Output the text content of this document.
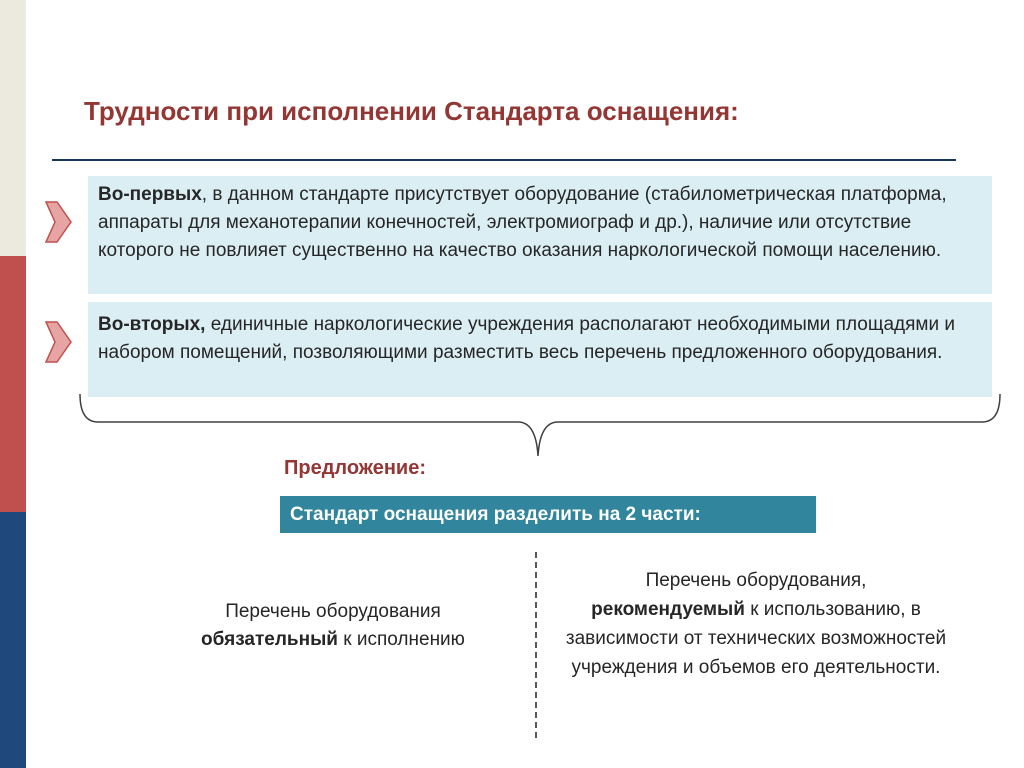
Трудности при исполнении Стандарта оснащения:
Во-первых, в данном стандарте присутствует оборудование (стабилометрическая платформа, аппараты для механотерапии конечностей, электромиограф и др.), наличие или отсутствие которого не повлияет существенно на качество оказания наркологической помощи населению.
Во-вторых, единичные наркологические учреждения располагают необходимыми площадями и набором помещений, позволяющими разместить весь перечень предложенного оборудования.
Предложение:
Стандарт оснащения разделить на 2 части:
Перечень оборудования
обязательный к исполнению
Перечень оборудования,
рекомендуемый к использованию, в зависимости от технических возможностей учреждения и объемов его деятельности.
